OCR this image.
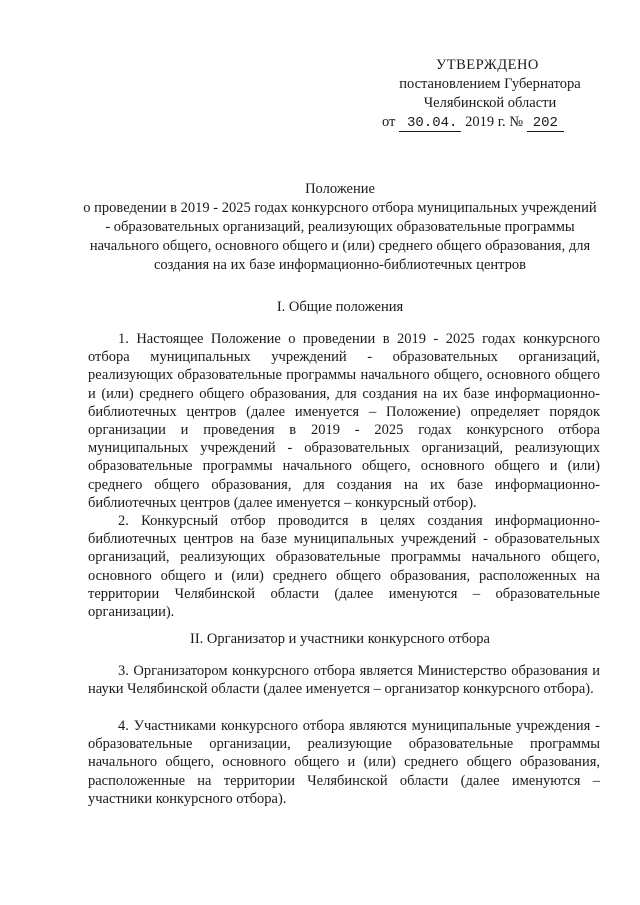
УТВЕРЖДЕНО
постановлением Губернатора
Челябинской области
от 30.04. 2019 г. № 202
Положение
о проведении в 2019 - 2025 годах конкурсного отбора муниципальных учреждений - образовательных организаций, реализующих образовательные программы начального общего, основного общего и (или) среднего общего образования, для создания на их базе информационно-библиотечных центров
I. Общие положения

1. Настоящее Положение о проведении в 2019 - 2025 годах конкурсного отбора муниципальных учреждений - образовательных организаций, реализующих образовательные программы начального общего, основного общего и (или) среднего общего образования, для создания на их базе информационно-библиотечных центров (далее именуется – Положение) определяет порядок организации и проведения в 2019 - 2025 годах конкурсного отбора муниципальных учреждений - образовательных организаций, реализующих образовательные программы начального общего, основного общего и (или) среднего общего образования, для создания на их базе информационно-библиотечных центров (далее именуется – конкурсный отбор).

2. Конкурсный отбор проводится в целях создания информационно-библиотечных центров на базе муниципальных учреждений - образовательных организаций, реализующих образовательные программы начального общего, основного общего и (или) среднего общего образования, расположенных на территории Челябинской области (далее именуются – образовательные организации).

II. Организатор и участники конкурсного отбора

3. Организатором конкурсного отбора является Министерство образования и науки Челябинской области (далее именуется – организатор конкурсного отбора).

4. Участниками конкурсного отбора являются муниципальные учреждения - образовательные организации, реализующие образовательные программы начального общего, основного общего и (или) среднего общего образования, расположенные на территории Челябинской области (далее именуются – участники конкурсного отбора).
